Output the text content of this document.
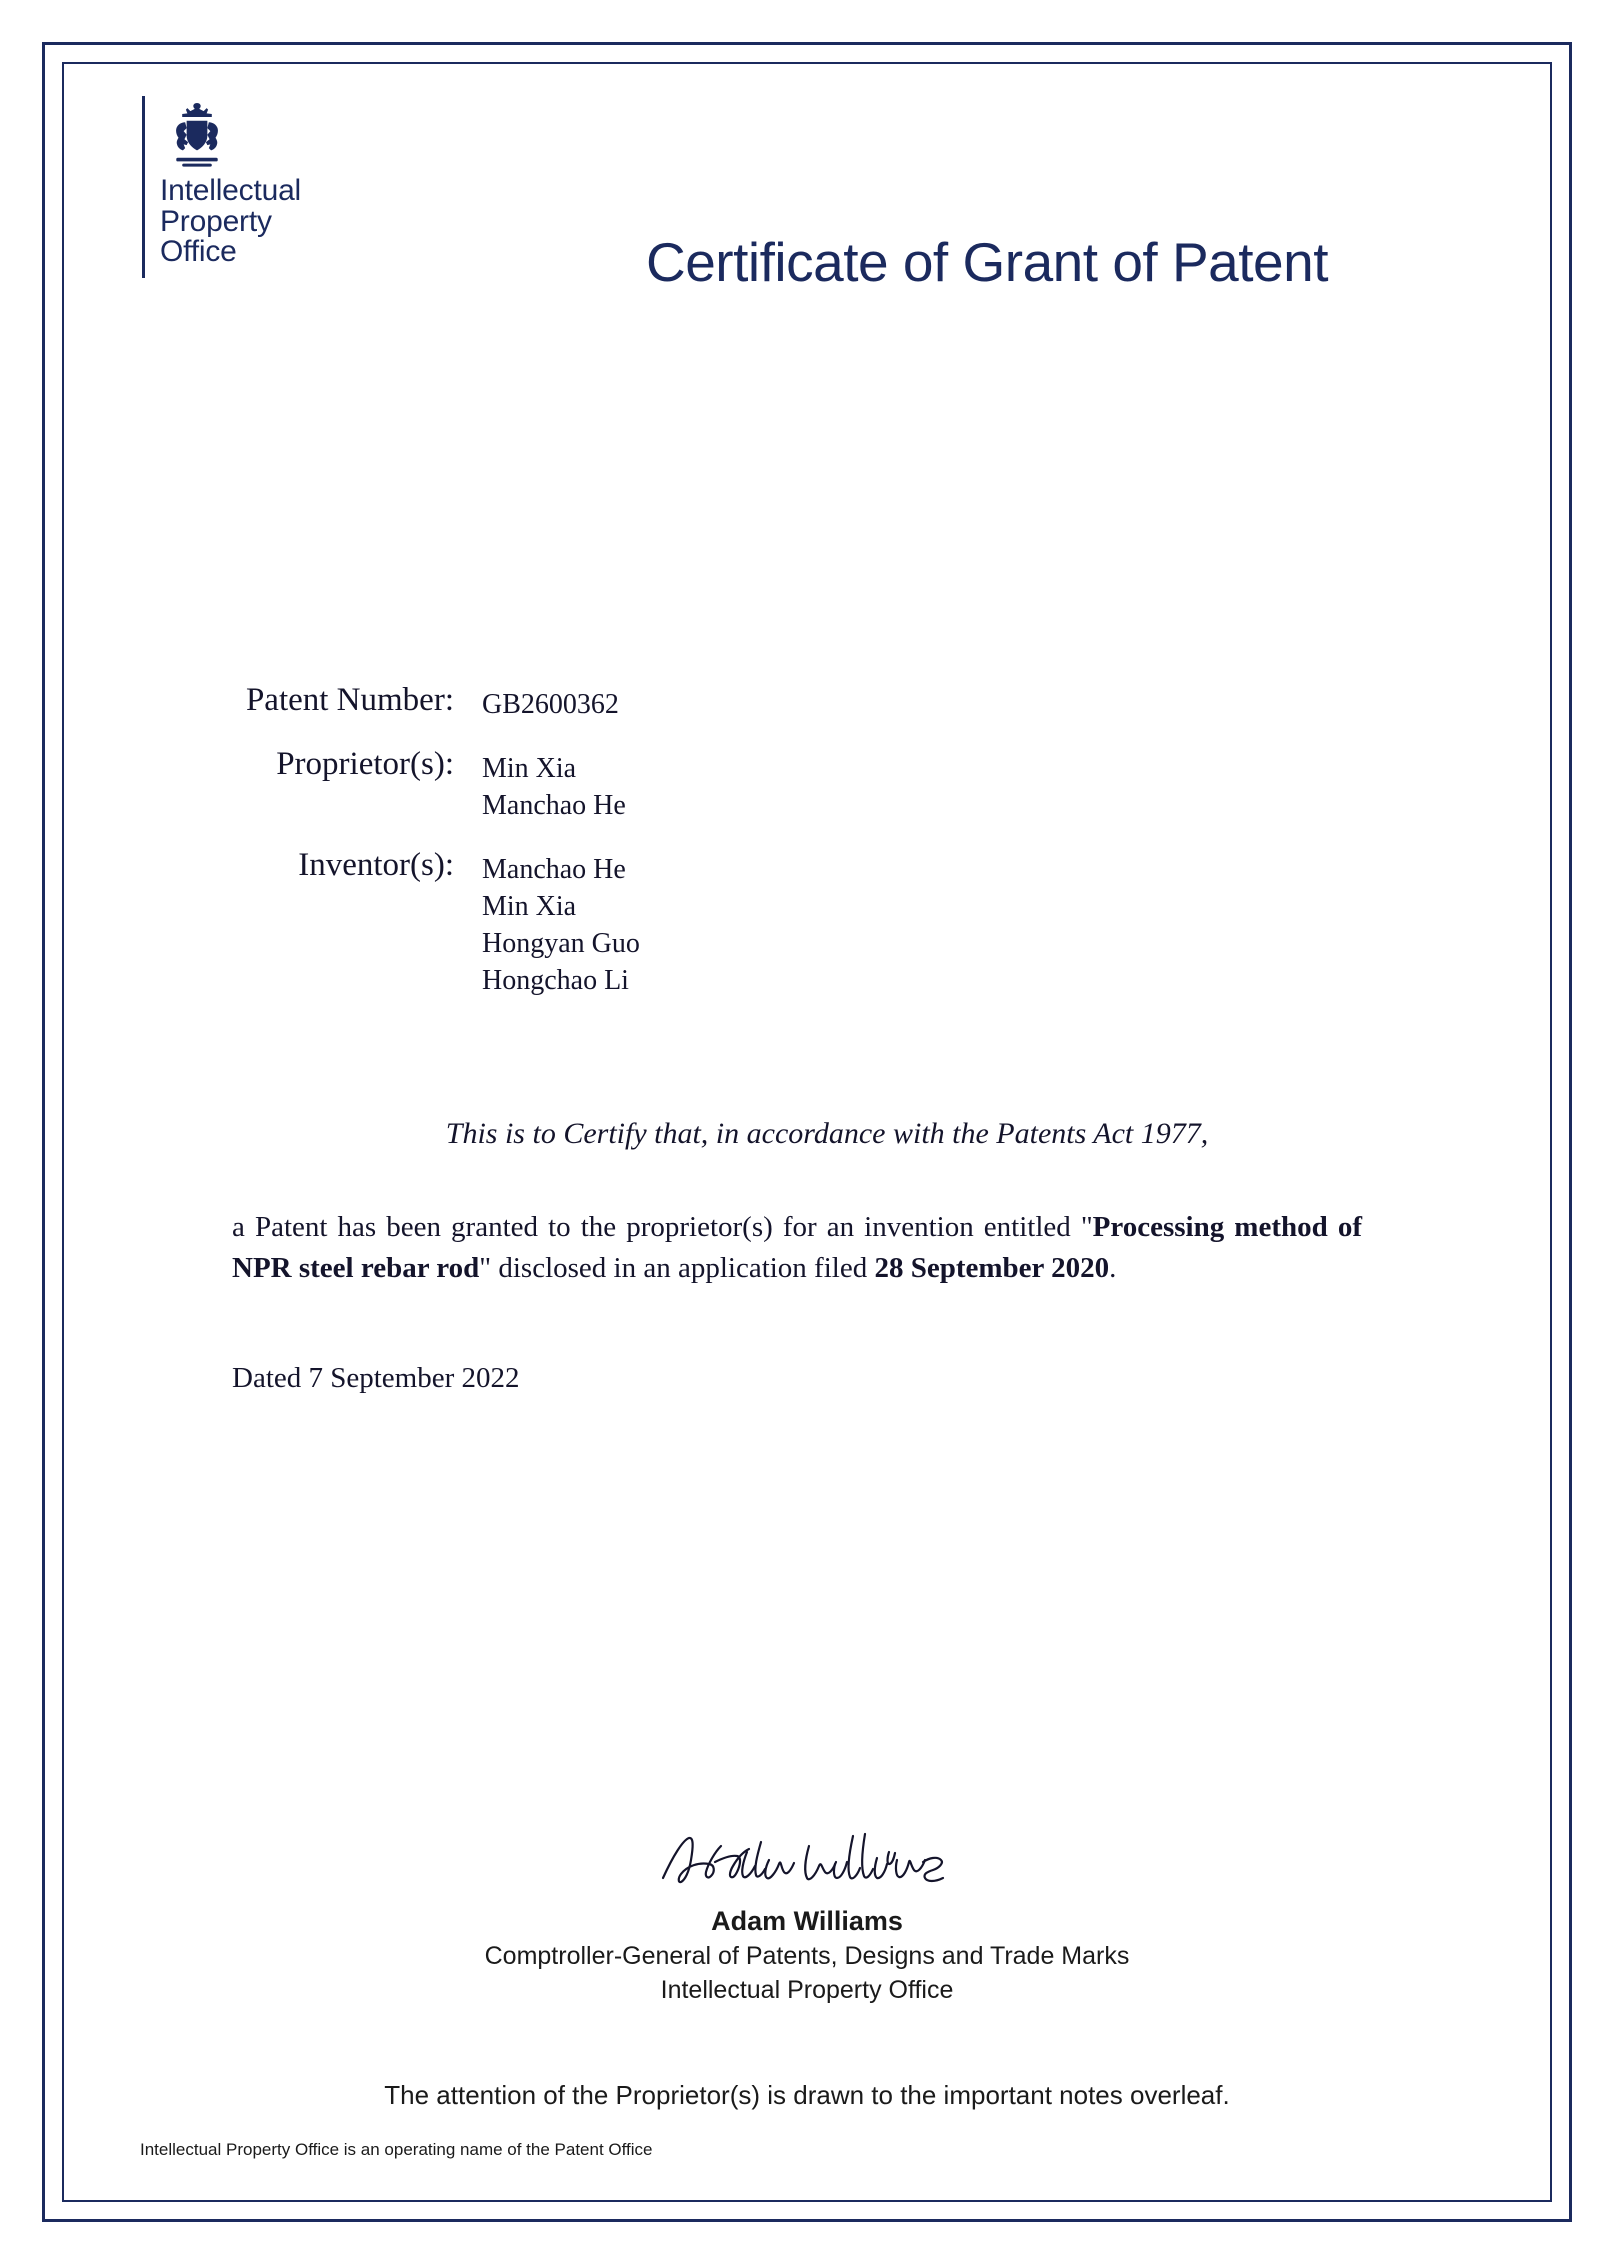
Intellectual
Property
Office	Certificate of Grant of Patent
Patent Number:	GB2600362
Proprietor(s):	Min Xia
Manchao He
Inventor(s):	Manchao He
Min Xia
Hongyan Guo
Hongchao Li
This is to Certify that, in accordance with the Patents Act 1977,
a Patent has been granted to the proprietor(s) for an invention entitled "Processing method of NPR steel rebar rod" disclosed in an application filed 28 September 2020.
Dated 7 September 2022
Adam Williams
Comptroller-General of Patents, Designs and Trade Marks
Intellectual Property Office
The attention of the Proprietor(s) is drawn to the important notes overleaf.
Intellectual Property Office is an operating name of the Patent Office
